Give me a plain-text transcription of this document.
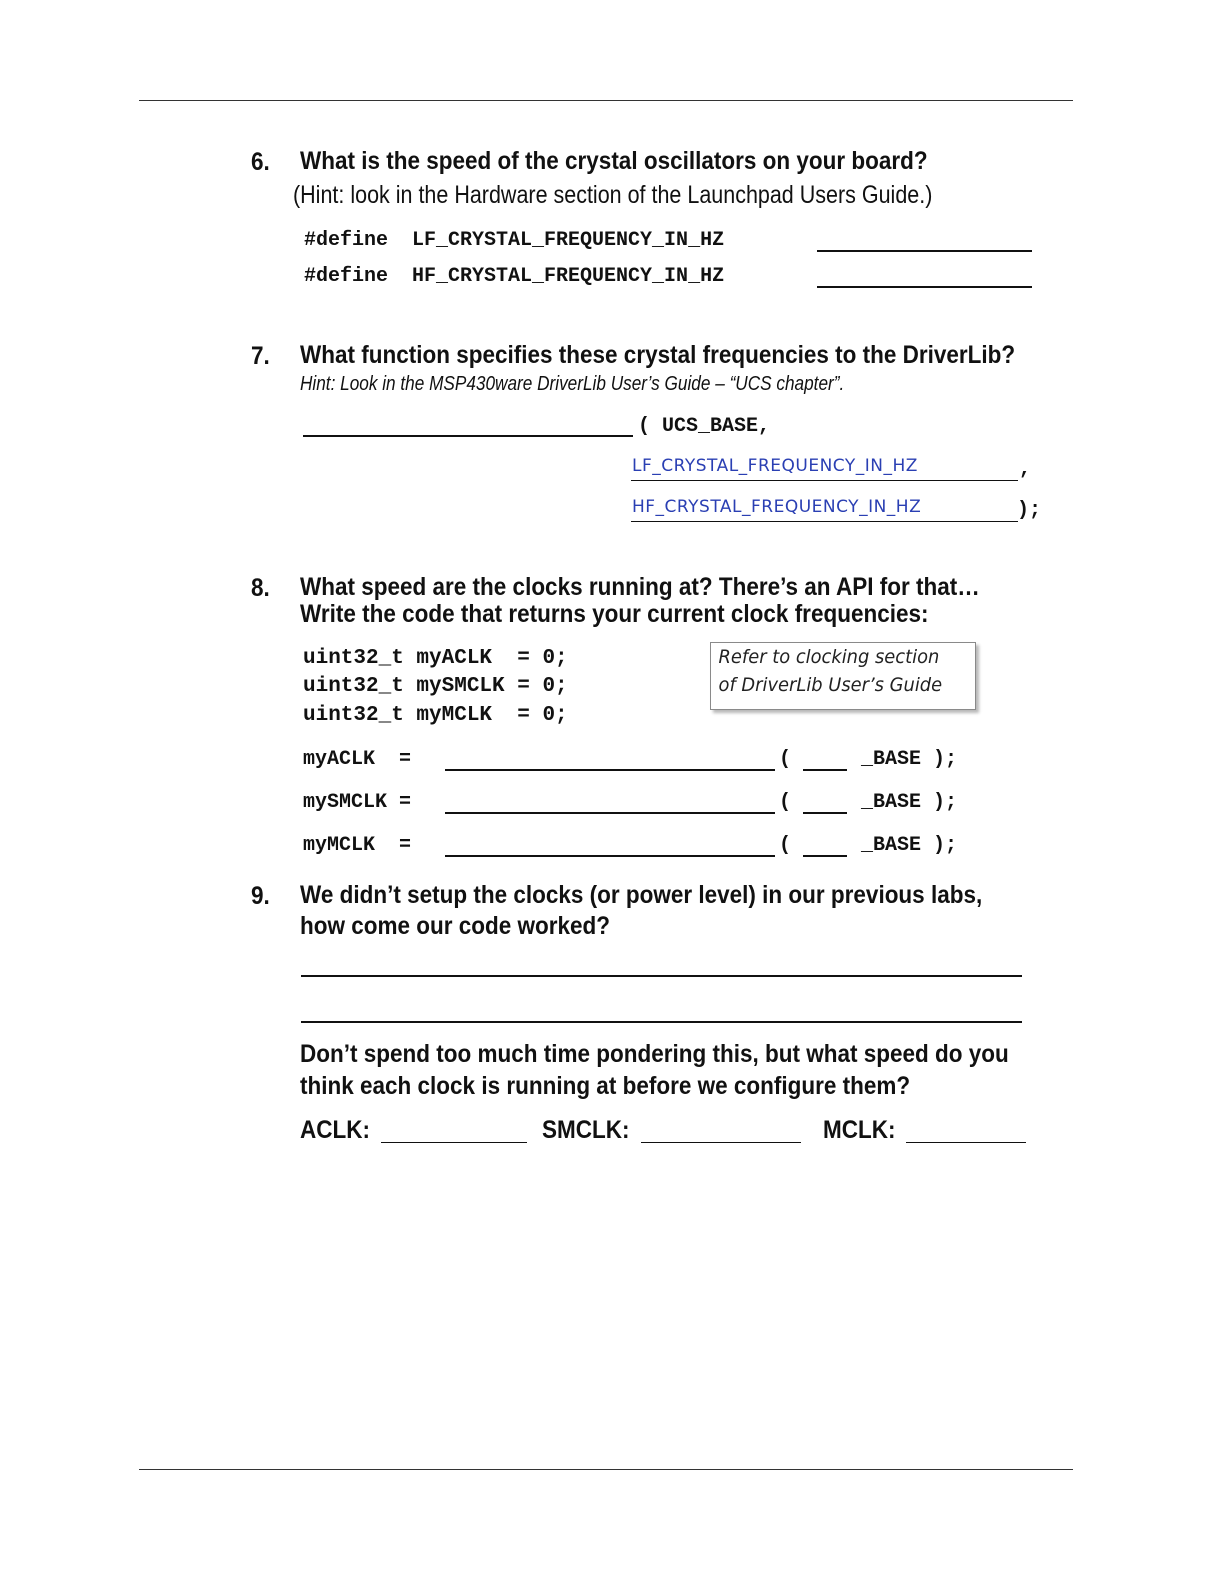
6. What is the speed of the crystal oscillators on your board?
(Hint: look in the Hardware section of the Launchpad Users Guide.)
#define  LF_CRYSTAL_FREQUENCY_IN_HZ
#define  HF_CRYSTAL_FREQUENCY_IN_HZ
7. What function specifies these crystal frequencies to the DriverLib?
Hint: Look in the MSP430ware DriverLib User’s Guide – “UCS chapter”.
( UCS_BASE,
LF_CRYSTAL_FREQUENCY_IN_HZ	,
HF_CRYSTAL_FREQUENCY_IN_HZ	);
8. What speed are the clocks running at? There’s an API for that…
Write the code that returns your current clock frequencies:
uint32_t myACLK  = 0;
uint32_t mySMCLK = 0;
uint32_t myMCLK  = 0;
Refer to clocking section
of DriverLib User’s Guide
myACLK  =	(	_BASE );
mySMCLK =	(	_BASE );
myMCLK  =	(	_BASE );
9. We didn’t setup the clocks (or power level) in our previous labs,
how come our code worked?
Don’t spend too much time pondering this, but what speed do you
think each clock is running at before we configure them?
ACLK:	SMCLK:	MCLK:
